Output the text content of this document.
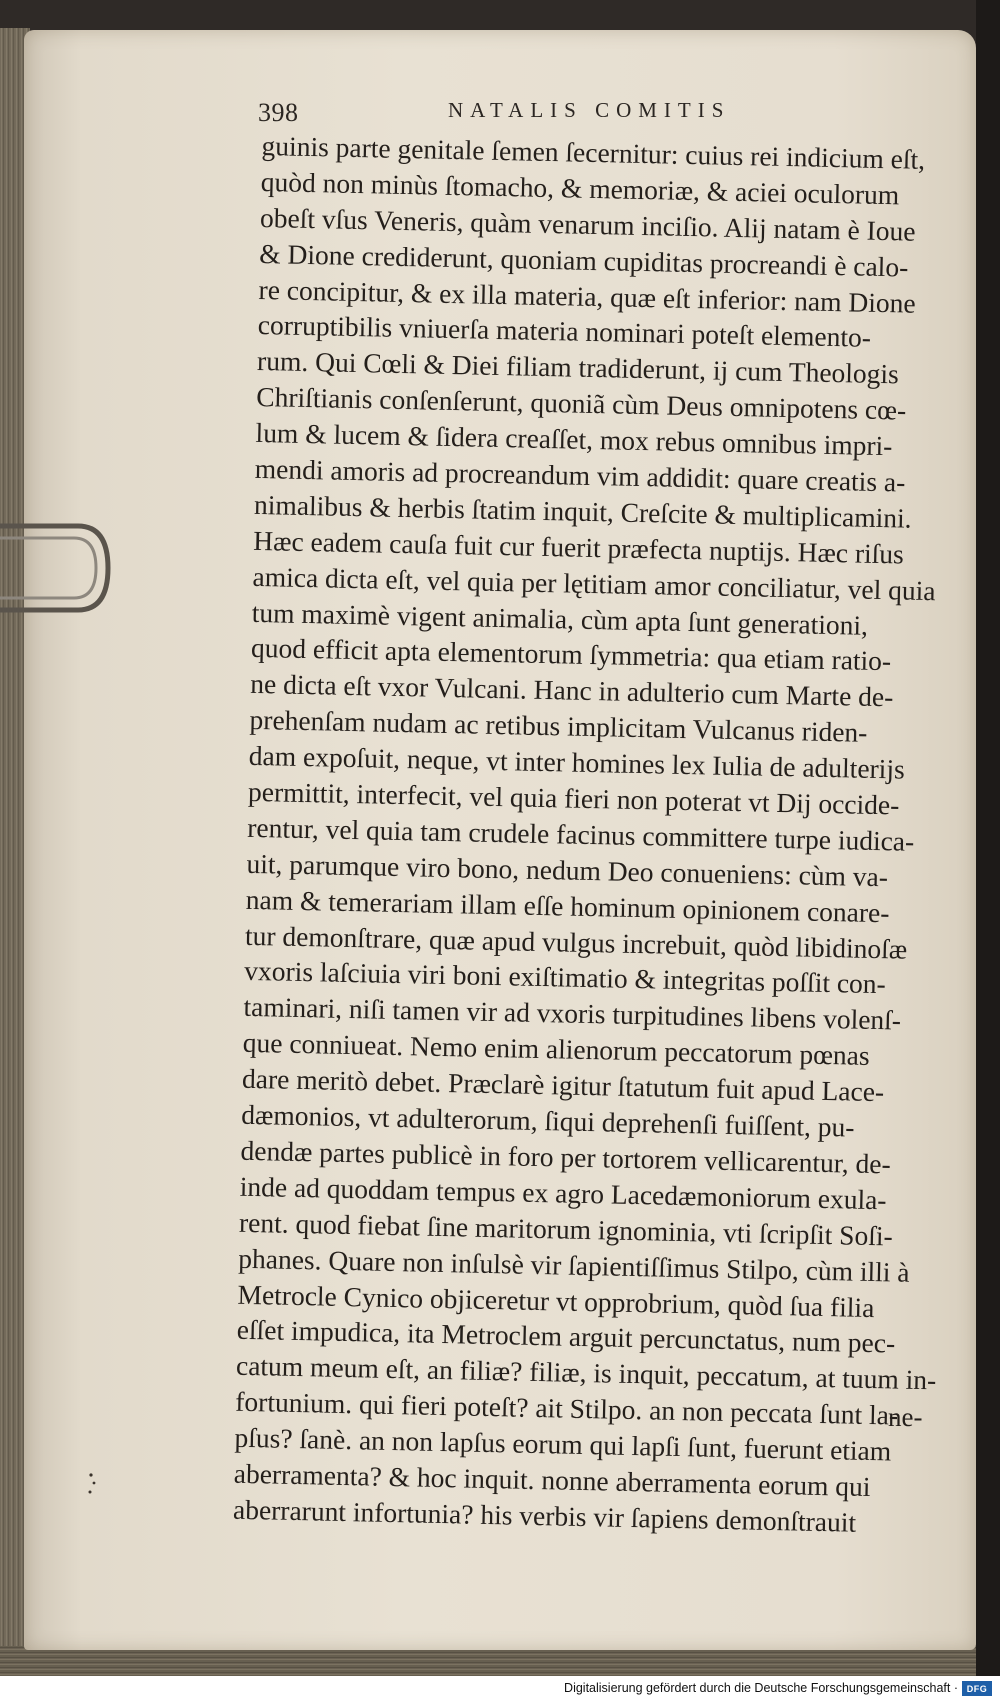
398	NATALIS COMITIS
guinis parte genitale ſemen ſecernitur: cuius rei indicium eſt,
quòd non minùs ſtomacho, & memoriæ, & aciei oculorum
obeſt vſus Veneris, quàm venarum inciſio. Alij natam è Ioue
& Dione crediderunt, quoniam cupiditas procreandi è calo-
re concipitur, & ex illa materia, quæ eſt inferior: nam Dione
corruptibilis vniuerſa materia nominari poteſt elemento-
rum. Qui Cœli & Diei filiam tradiderunt, ij cum Theologis
Chriſtianis conſenſerunt, quoniã cùm Deus omnipotens cœ-
lum & lucem & ſidera creaſſet, mox rebus omnibus impri-
mendi amoris ad procreandum vim addidit: quare creatis a-
nimalibus & herbis ſtatim inquit, Creſcite & multiplicamini.
Hæc eadem cauſa fuit cur fuerit præfecta nuptijs. Hæc riſus
amica dicta eſt, vel quia per lętitiam amor conciliatur, vel quia
tum maximè vigent animalia, cùm apta ſunt generationi,
quod efficit apta elementorum ſymmetria: qua etiam ratio-
ne dicta eſt vxor Vulcani. Hanc in adulterio cum Marte de-
prehenſam nudam ac retibus implicitam Vulcanus riden-
dam expoſuit, neque, vt inter homines lex Iulia de adulterijs
permittit, interfecit, vel quia fieri non poterat vt Dij occide-
rentur, vel quia tam crudele facinus committere turpe iudica-
uit, parumque viro bono, nedum Deo conueniens: cùm va-
nam & temerariam illam eſſe hominum opinionem conare-
tur demonſtrare, quæ apud vulgus increbuit, quòd libidinoſæ
vxoris laſciuia viri boni exiſtimatio & integritas poſſit con-
taminari, niſi tamen vir ad vxoris turpitudines libens volenſ-
que conniueat. Nemo enim alienorum peccatorum pœnas
dare meritò debet. Præclarè igitur ſtatutum fuit apud Lace-
dæmonios, vt adulterorum, ſiqui deprehenſi fuiſſent, pu-
dendæ partes publicè in foro per tortorem vellicarentur, de-
inde ad quoddam tempus ex agro Lacedæmoniorum exula-
rent. quod fiebat ſine maritorum ignominia, vti ſcripſit Soſi-
phanes. Quare non inſulsè vir ſapientiſſimus Stilpo, cùm illi à
Metrocle Cynico objiceretur vt opprobrium, quòd ſua filia
eſſet impudica, ita Metroclem arguit percunctatus, num pec-
catum meum eſt, an filiæ? filiæ, is inquit, peccatum, at tuum in-
fortunium. qui fieri poteſt? ait Stilpo. an non peccata ſunt la-
pſus? ſanè. an non lapſus eorum qui lapſi ſunt, fuerunt etiam
aberramenta? & hoc inquit. nonne aberramenta eorum qui
aberrarunt infortunia? his verbis vir ſapiens demonſtrauit
ne-
Digitalisierung gefördert durch die Deutsche Forschungsgemeinschaft · DFG
